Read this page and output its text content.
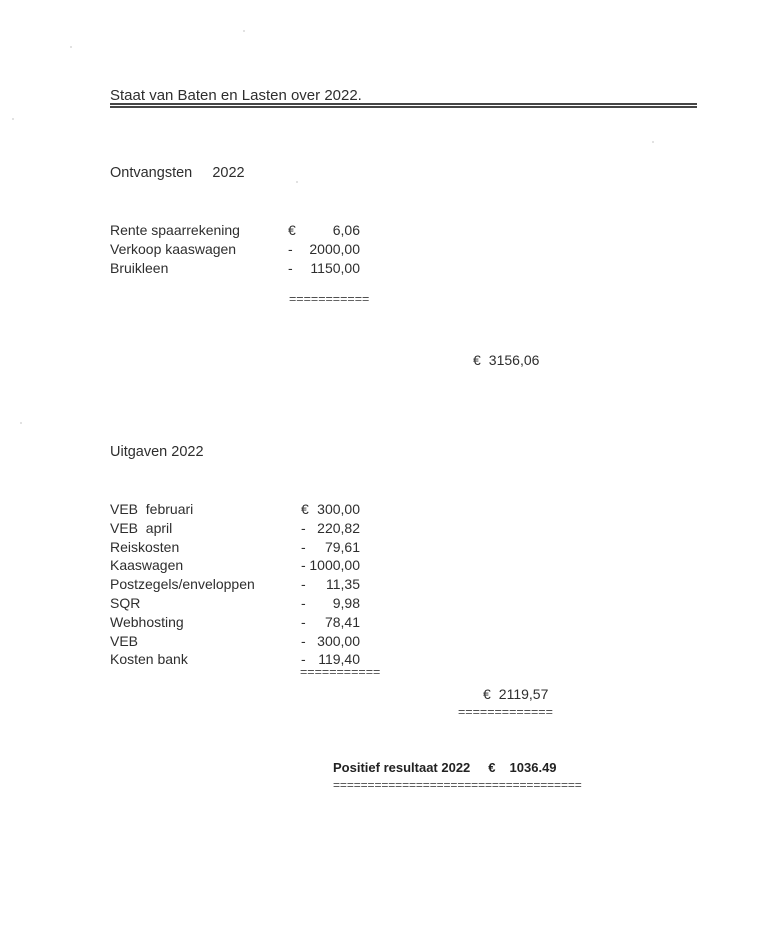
Staat van Baten en Lasten over 2022.
Ontvangsten     2022
Rente spaarrekening	€	6,06
Verkoop kaaswagen	- 2000,00
Bruikleen	- 1150,00
===========
€ 3156,06
Uitgaven 2022
VEB  februari	€ 300,00
VEB  april	- 220,82
Reiskosten	- 79,61
Kaaswagen	- 1000,00
Postzegels/enveloppen	- 11,35
SQR	- 9,98
Webhosting	- 78,41
VEB	- 300,00
Kosten bank	- 119,40
===========
€ 2119,57
=============
Positief resultaat 2022 € 1036.49
====================================
